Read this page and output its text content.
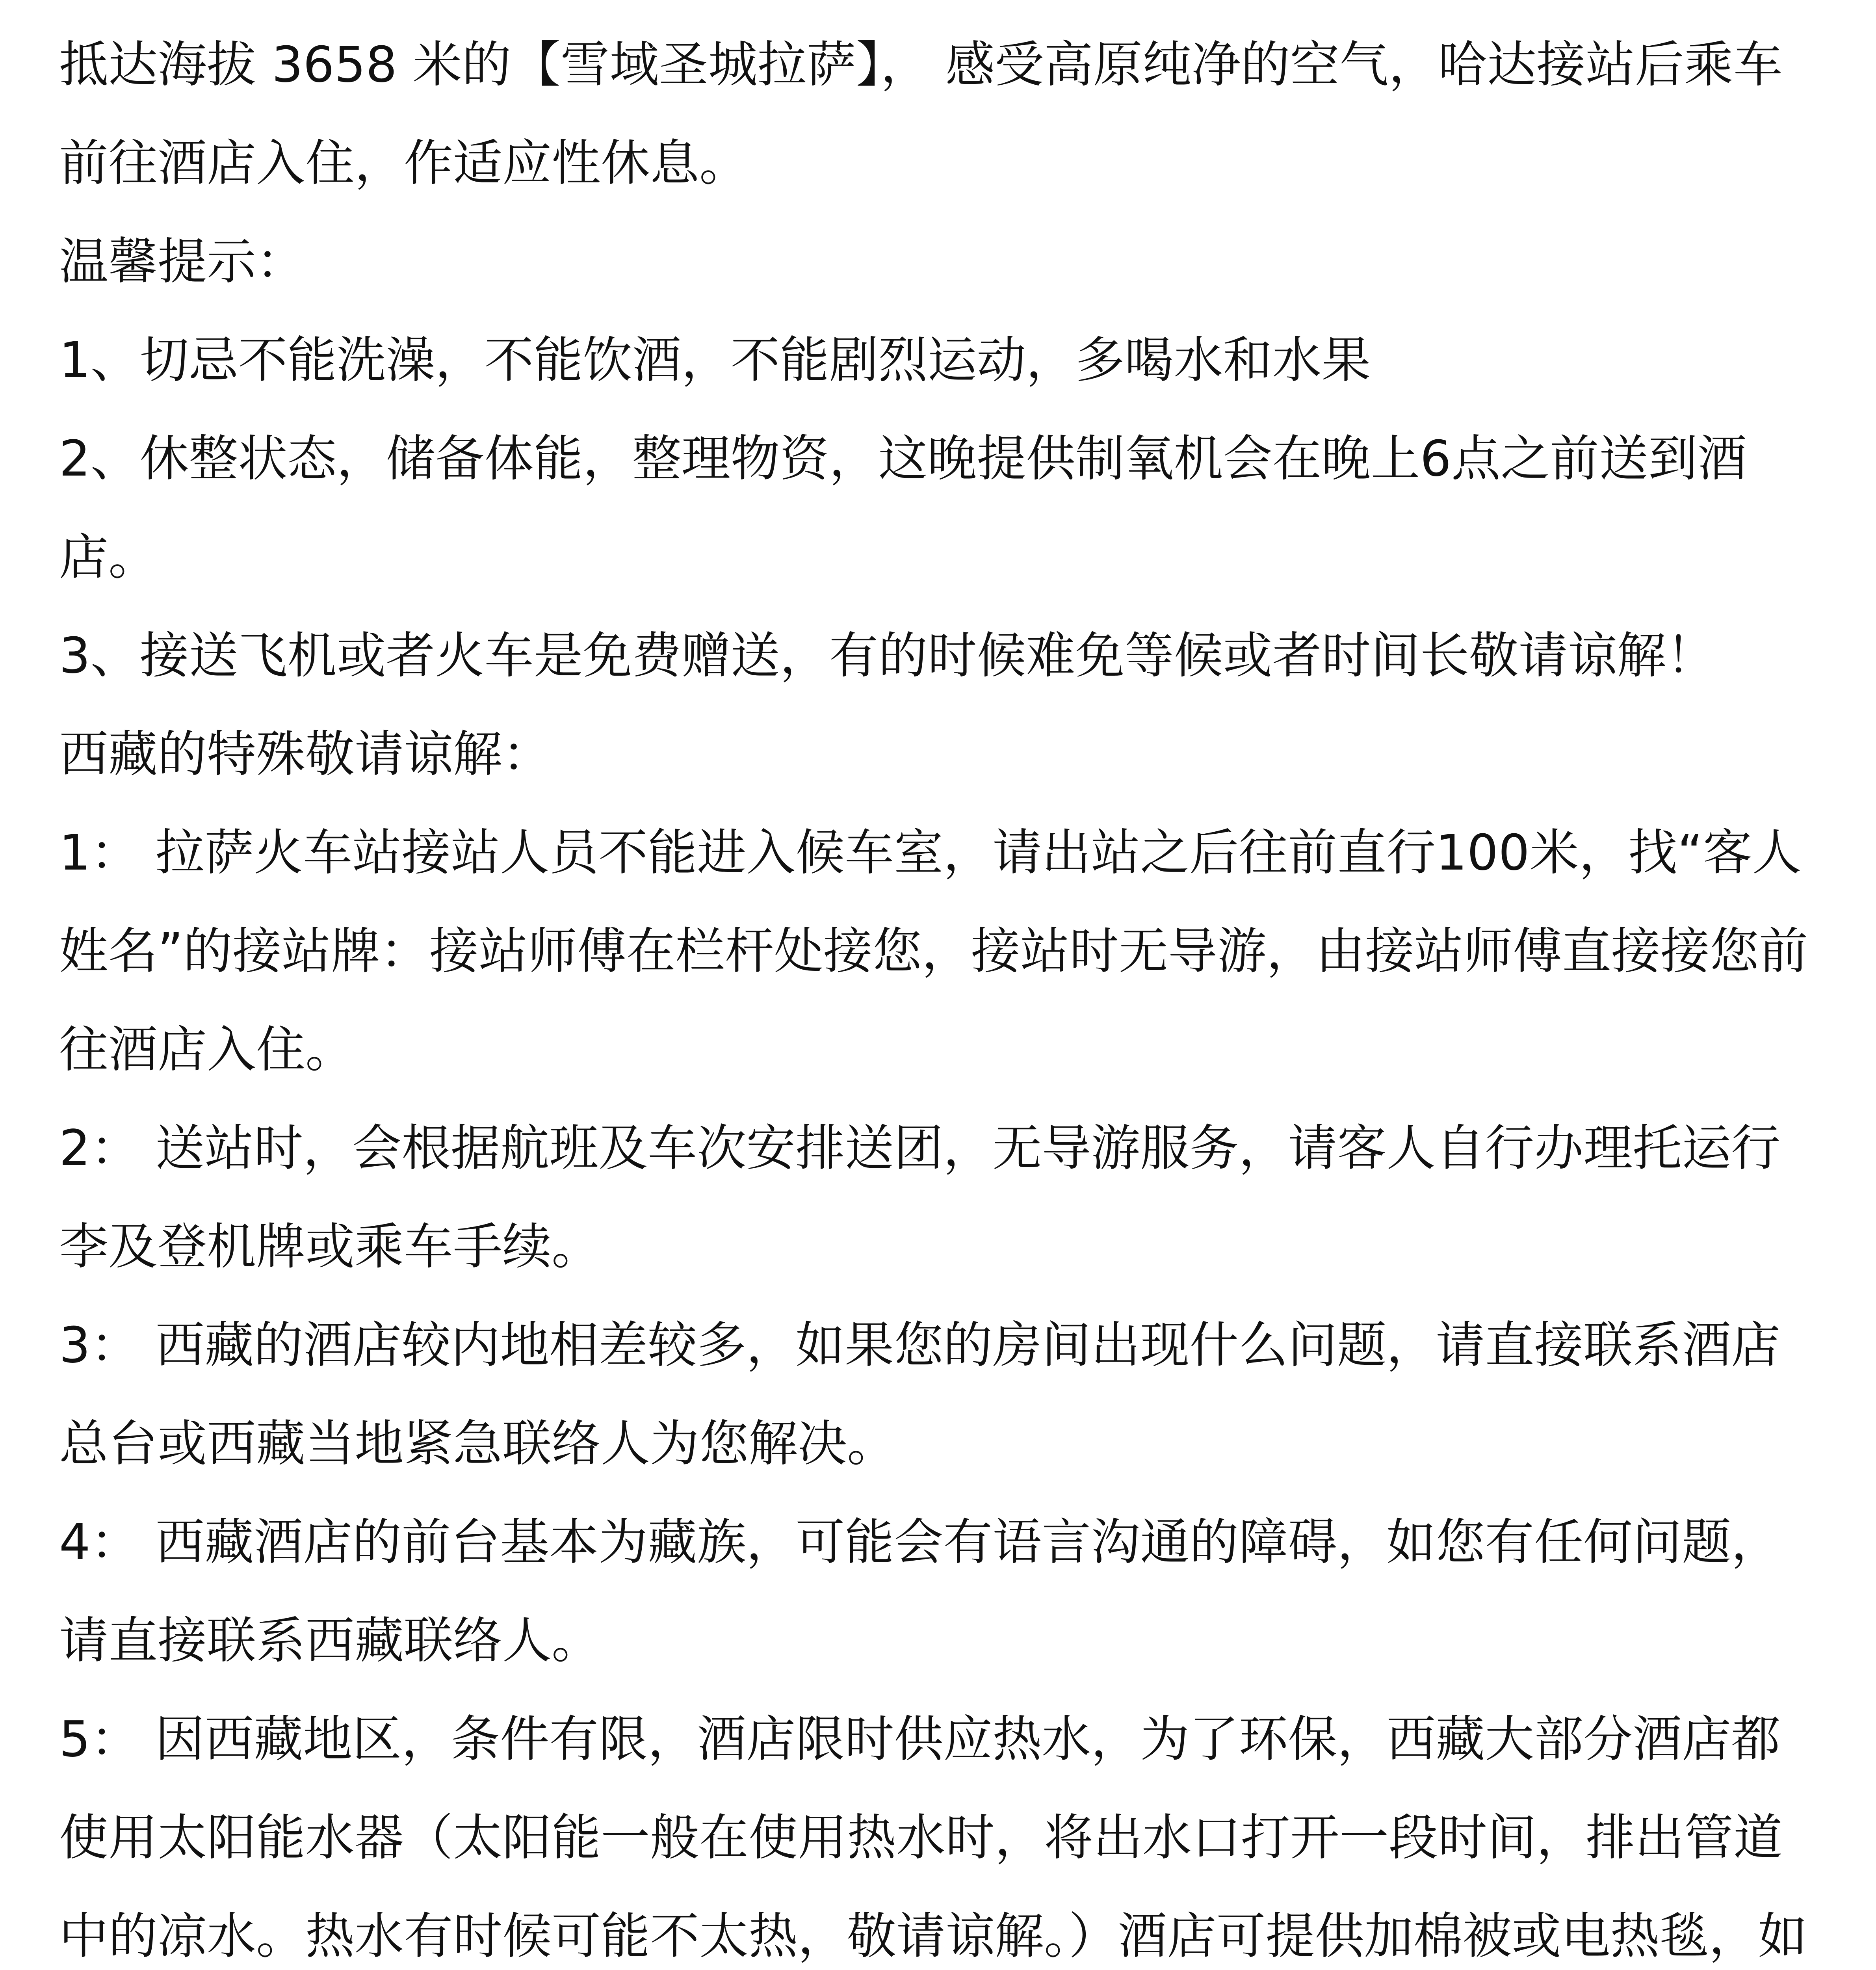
抵达海拔 3658 米的【雪域圣城拉萨】， 感受高原纯净的空气，哈达接站后乘车前往酒店入住，作适应性休息。

温馨提示：

1、切忌不能洗澡，不能饮酒，不能剧烈运动，多喝水和水果

2、休整状态，储备体能，整理物资，这晚提供制氧机会在晚上6点之前送到酒店。

3、接送飞机或者火车是免费赠送，有的时候难免等候或者时间长敬请谅解！

西藏的特殊敬请谅解：

1： 拉萨火车站接站人员不能进入候车室，请出站之后往前直行100米，找“客人姓名”的接站牌：接站师傅在栏杆处接您，接站时无导游，由接站师傅直接接您前往酒店入住。

2： 送站时，会根据航班及车次安排送团，无导游服务，请客人自行办理托运行李及登机牌或乘车手续。

3： 西藏的酒店较内地相差较多，如果您的房间出现什么问题，请直接联系酒店总台或西藏当地紧急联络人为您解决。

4： 西藏酒店的前台基本为藏族，可能会有语言沟通的障碍，如您有任何问题，请直接联系西藏联络人。

5： 因西藏地区，条件有限，酒店限时供应热水，为了环保，西藏大部分酒店都使用太阳能水器（太阳能一般在使用热水时，将出水口打开一段时间，排出管道中的凉水。热水有时候可能不太热，敬请谅解。）酒店可提供加棉被或电热毯，如
